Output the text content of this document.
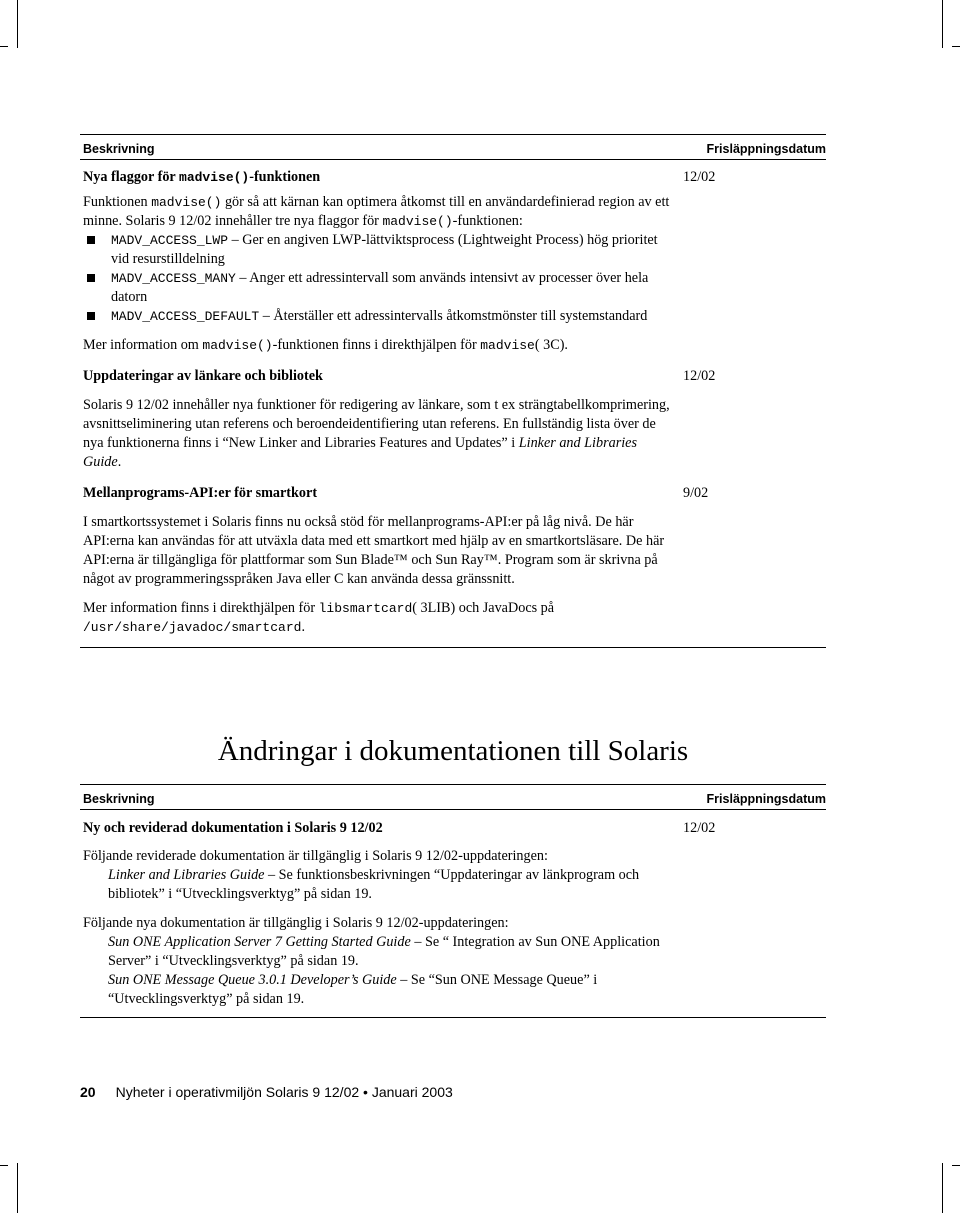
Beskrivning	Frisläppningsdatum

Nya flaggor för madvise()-funktionen

Funktionen madvise() gör så att kärnan kan optimera åtkomst till en användardefinierad region av ett minne. Solaris 9 12/02 innehåller tre nya flaggor för madvise()-funktionen:

MADV_ACCESS_LWP – Ger en angiven LWP-lättviktsprocess (Lightweight Process) hög prioritet vid resurstilldelning
MADV_ACCESS_MANY – Anger ett adressintervall som används intensivt av processer över hela datorn
MADV_ACCESS_DEFAULT – Återställer ett adressintervalls åtkomstmönster till systemstandard

Mer information om madvise()-funktionen finns i direkthjälpen för madvise( 3C).

12/02

Uppdateringar av länkare och bibliotek

Solaris 9 12/02 innehåller nya funktioner för redigering av länkare, som t ex strängtabellkomprimering, avsnittseliminering utan referens och beroendeidentifiering utan referens. En fullständig lista över de nya funktionerna finns i “New Linker and Libraries Features and Updates” i Linker and Libraries Guide.

12/02

Mellanprograms-API:er för smartkort

I smartkortssystemet i Solaris finns nu också stöd för mellanprograms-API:er på låg nivå. De här API:erna kan användas för att utväxla data med ett smartkort med hjälp av en smartkortsläsare. De här API:erna är tillgängliga för plattformar som Sun Blade™ och Sun Ray™. Program som är skrivna på något av programmeringsspråken Java eller C kan använda dessa gränssnitt.

Mer information finns i direkthjälpen för libsmartcard( 3LIB) och JavaDocs på /usr/share/javadoc/smartcard.

9/02
Ändringar i dokumentationen till Solaris
Beskrivning	Frisläppningsdatum

Ny och reviderad dokumentation i Solaris 9 12/02

Följande reviderade dokumentation är tillgänglig i Solaris 9 12/02-uppdateringen:

Linker and Libraries Guide – Se funktionsbeskrivningen “Uppdateringar av länkprogram och bibliotek” i “Utvecklingsverktyg” på sidan 19.

Följande nya dokumentation är tillgänglig i Solaris 9 12/02-uppdateringen:

Sun ONE Application Server 7 Getting Started Guide – Se “ Integration av Sun ONE Application Server” i “Utvecklingsverktyg” på sidan 19.

Sun ONE Message Queue 3.0.1 Developer’s Guide – Se “Sun ONE Message Queue” i “Utvecklingsverktyg” på sidan 19.

12/02
20 Nyheter i operativmiljön Solaris 9 12/02 • Januari 2003
